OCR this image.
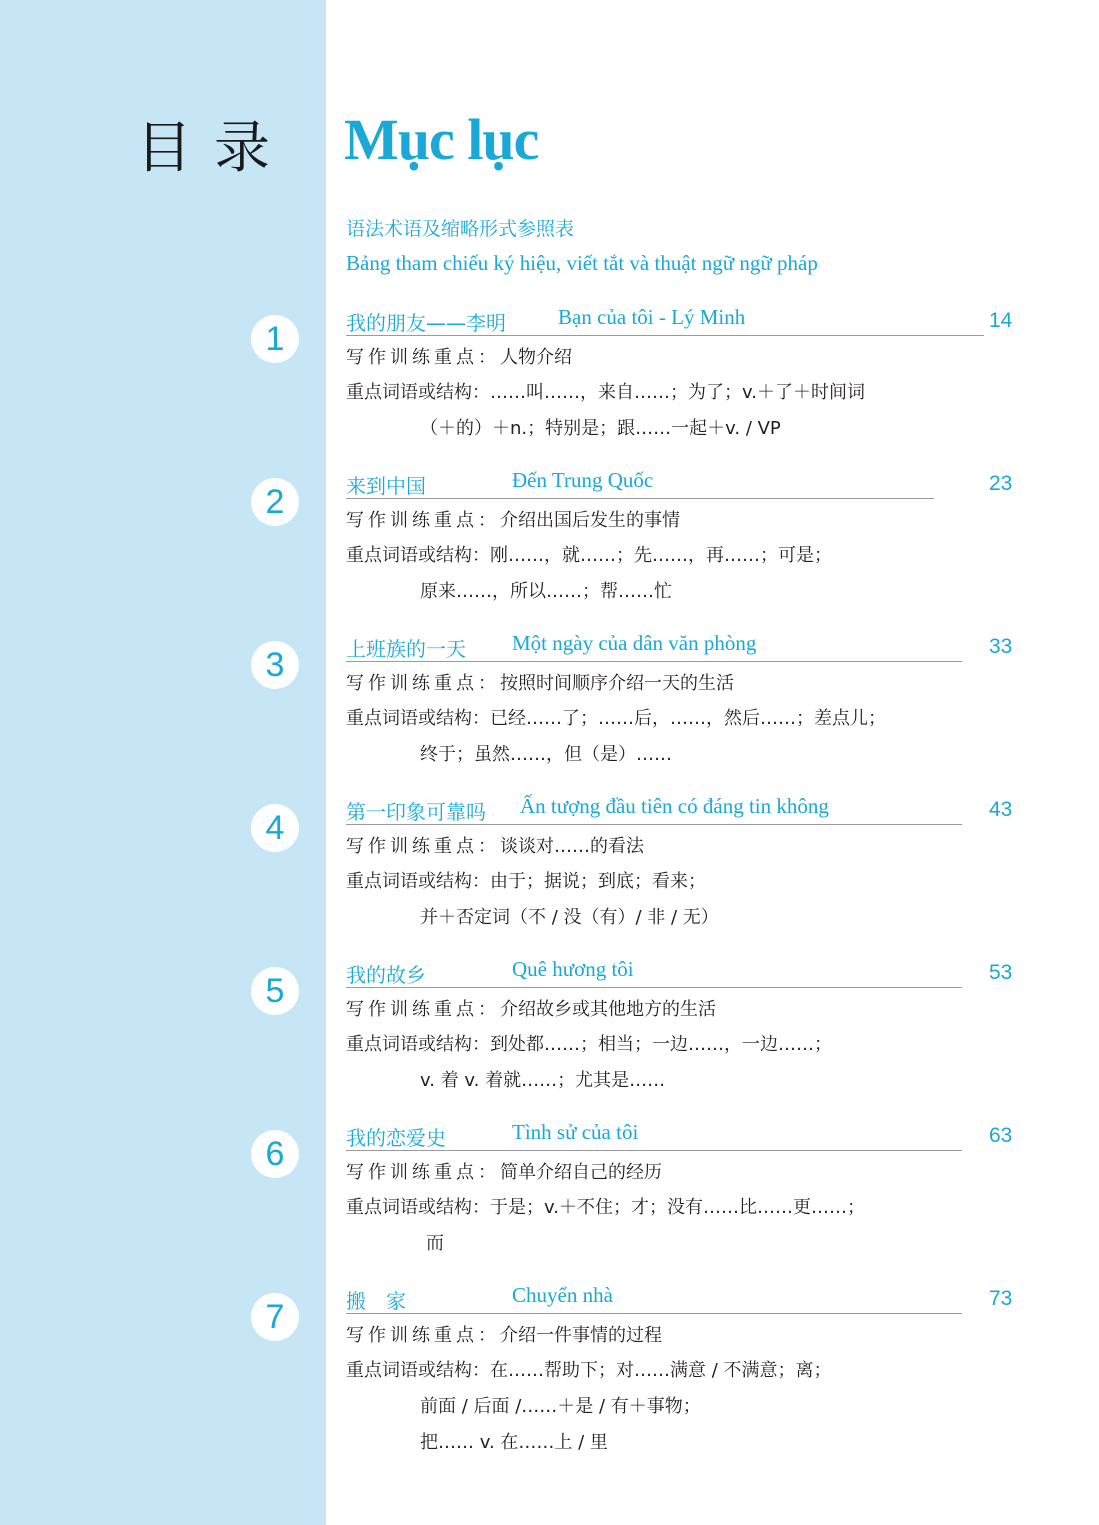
目录 Mục lục
语法术语及缩略形式参照表
Bảng tham chiếu ký hiệu, viết tắt và thuật ngữ ngữ pháp
1	我的朋友——李明 Bạn của tôi - Lý Minh	14
写作训练重点：人物介绍
重点词语或结构：……叫……，来自……；为了；v.＋了＋时间词
（＋的）＋n.；特别是；跟……一起＋v. / VP
2	来到中国	Đến Trung Quốc	23
写作训练重点：介绍出国后发生的事情
重点词语或结构：刚……，就……；先……，再……；可是；
原来……，所以……；帮……忙
3	上班族的一天 Một ngày của dân văn phòng	33
写作训练重点：按照时间顺序介绍一天的生活
重点词语或结构：已经……了；……后，……，然后……；差点儿；
终于；虽然……，但（是）……
4	第一印象可靠吗 Ấn tượng đầu tiên có đáng tin không	43
写作训练重点：谈谈对……的看法
重点词语或结构：由于；据说；到底；看来；
并＋否定词（不 / 没（有）/ 非 / 无）
5	我的故乡	Quê hương tôi	53
写作训练重点：介绍故乡或其他地方的生活
重点词语或结构：到处都……；相当；一边……，一边……；
v. 着 v. 着就……；尤其是……
6	我的恋爱史	Tình sử của tôi	63
写作训练重点：简单介绍自己的经历
重点词语或结构：于是；v.＋不住；才；没有……比……更……；
而
7	搬　家	Chuyển nhà	73
写作训练重点：介绍一件事情的过程
重点词语或结构：在……帮助下；对……满意 / 不满意；离；
前面 / 后面 /……＋是 / 有＋事物；
把…… v. 在……上 / 里
